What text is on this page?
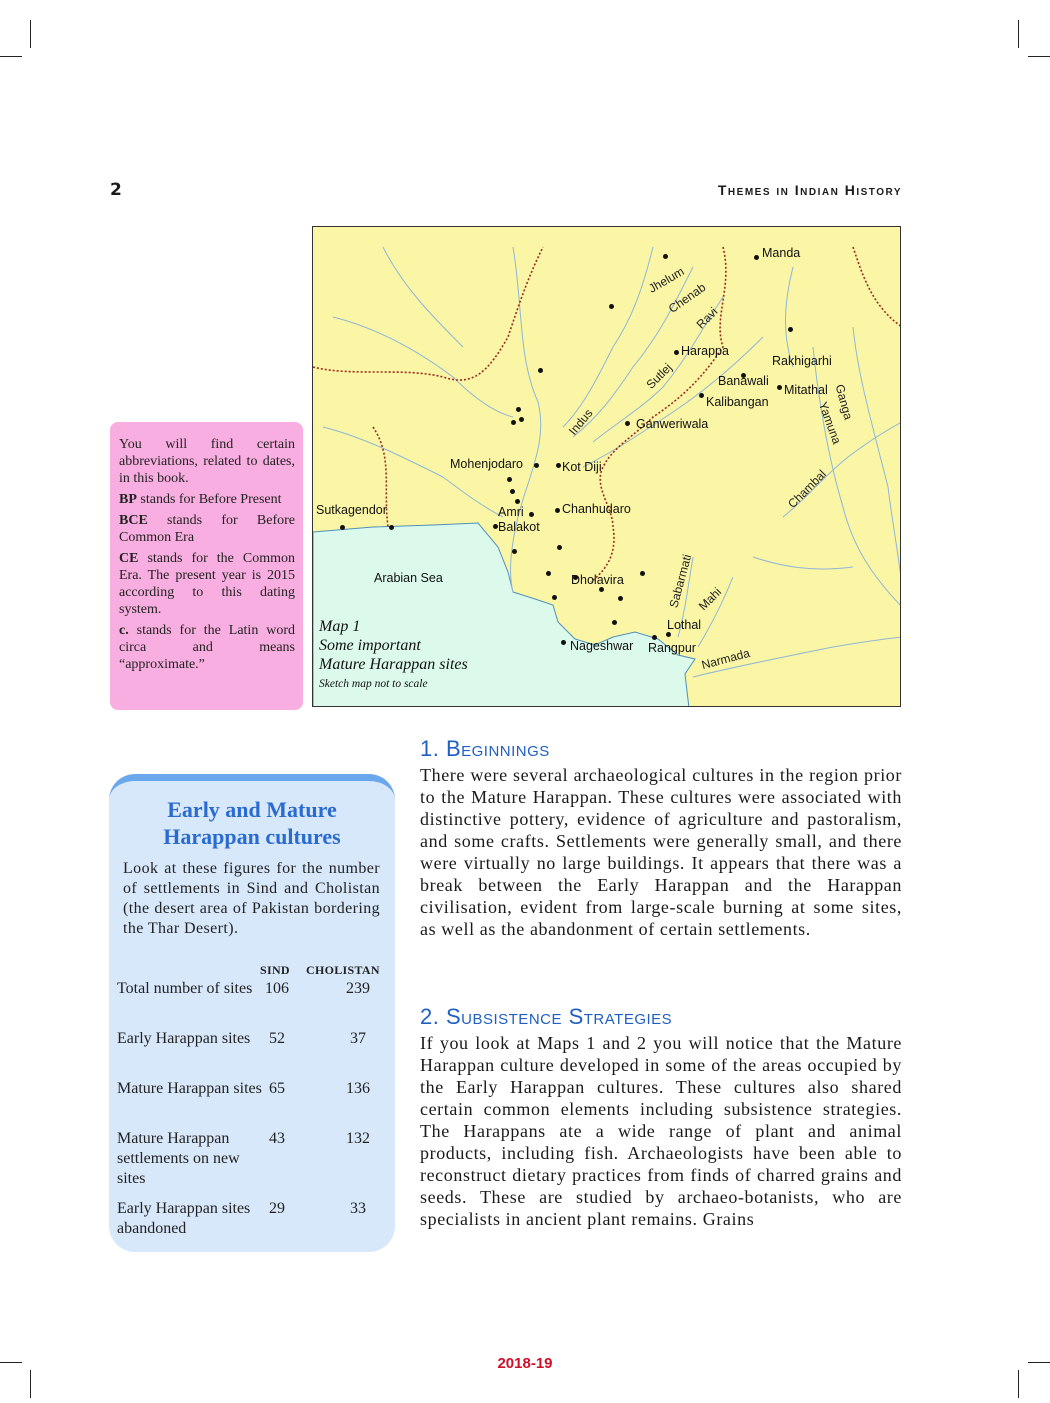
2	Themes in Indian History
Manda
Harappa
Rakhigarhi
Banawali
Mitathal
Kalibangan
Ganweriwala
Mohenjodaro	Kot Diji
Sutkagendor	Amri
Balakot
Chanhudaro
Dholavira
Lothal
Rangpur
Nageshwar
Jhelum
Chenab
Ravi
Sutlej
Indus
Ganga
Yamuna
Chambal
Sabarmati Mahi
Narmada
Arabian Sea
Map 1
Some important
Mature Harappan sites
Sketch map not to scale

You will find certain abbreviations, related to dates, in this book.

BP stands for Before Present

BCE stands for Before Common Era

CE stands for the Common Era. The present year is 2015 according to this dating system.

c. stands for the Latin word circa and means “approximate.”

1. Beginnings
There were several archaeological cultures in the region prior to the Mature Harappan. These cultures were associated with distinctive pottery, evidence of agriculture and pastoralism, and some crafts. Settlements were generally small, and there were virtually no large buildings. It appears that there was a break between the Early Harappan and the Harappan civilisation, evident from large-scale burning at some sites, as well as the abandonment of certain settlements.
2. Subsistence Strategies
If you look at Maps 1 and 2 you will notice that the Mature Harappan culture developed in some of the areas occupied by the Early Harappan cultures. These cultures also shared certain common elements including subsistence strategies. The Harappans ate a wide range of plant and animal products, including fish. Archaeologists have been able to reconstruct dietary practices from finds of charred grains and seeds. These are studied by archaeo-botanists, who are specialists in ancient plant remains. Grains
Early and Mature
Harappan cultures
Look at these figures for the number of settlements in Sind and Cholistan (the desert area of Pakistan bordering the Thar Desert).
SIND CHOLISTAN
Total number of sites 106	239
Early Harappan sites	52	37
Mature Harappan sites 65	136
Mature Harappan settlements on new sites
43	132
Early Harappan sites abandoned
29	33
2018-19
